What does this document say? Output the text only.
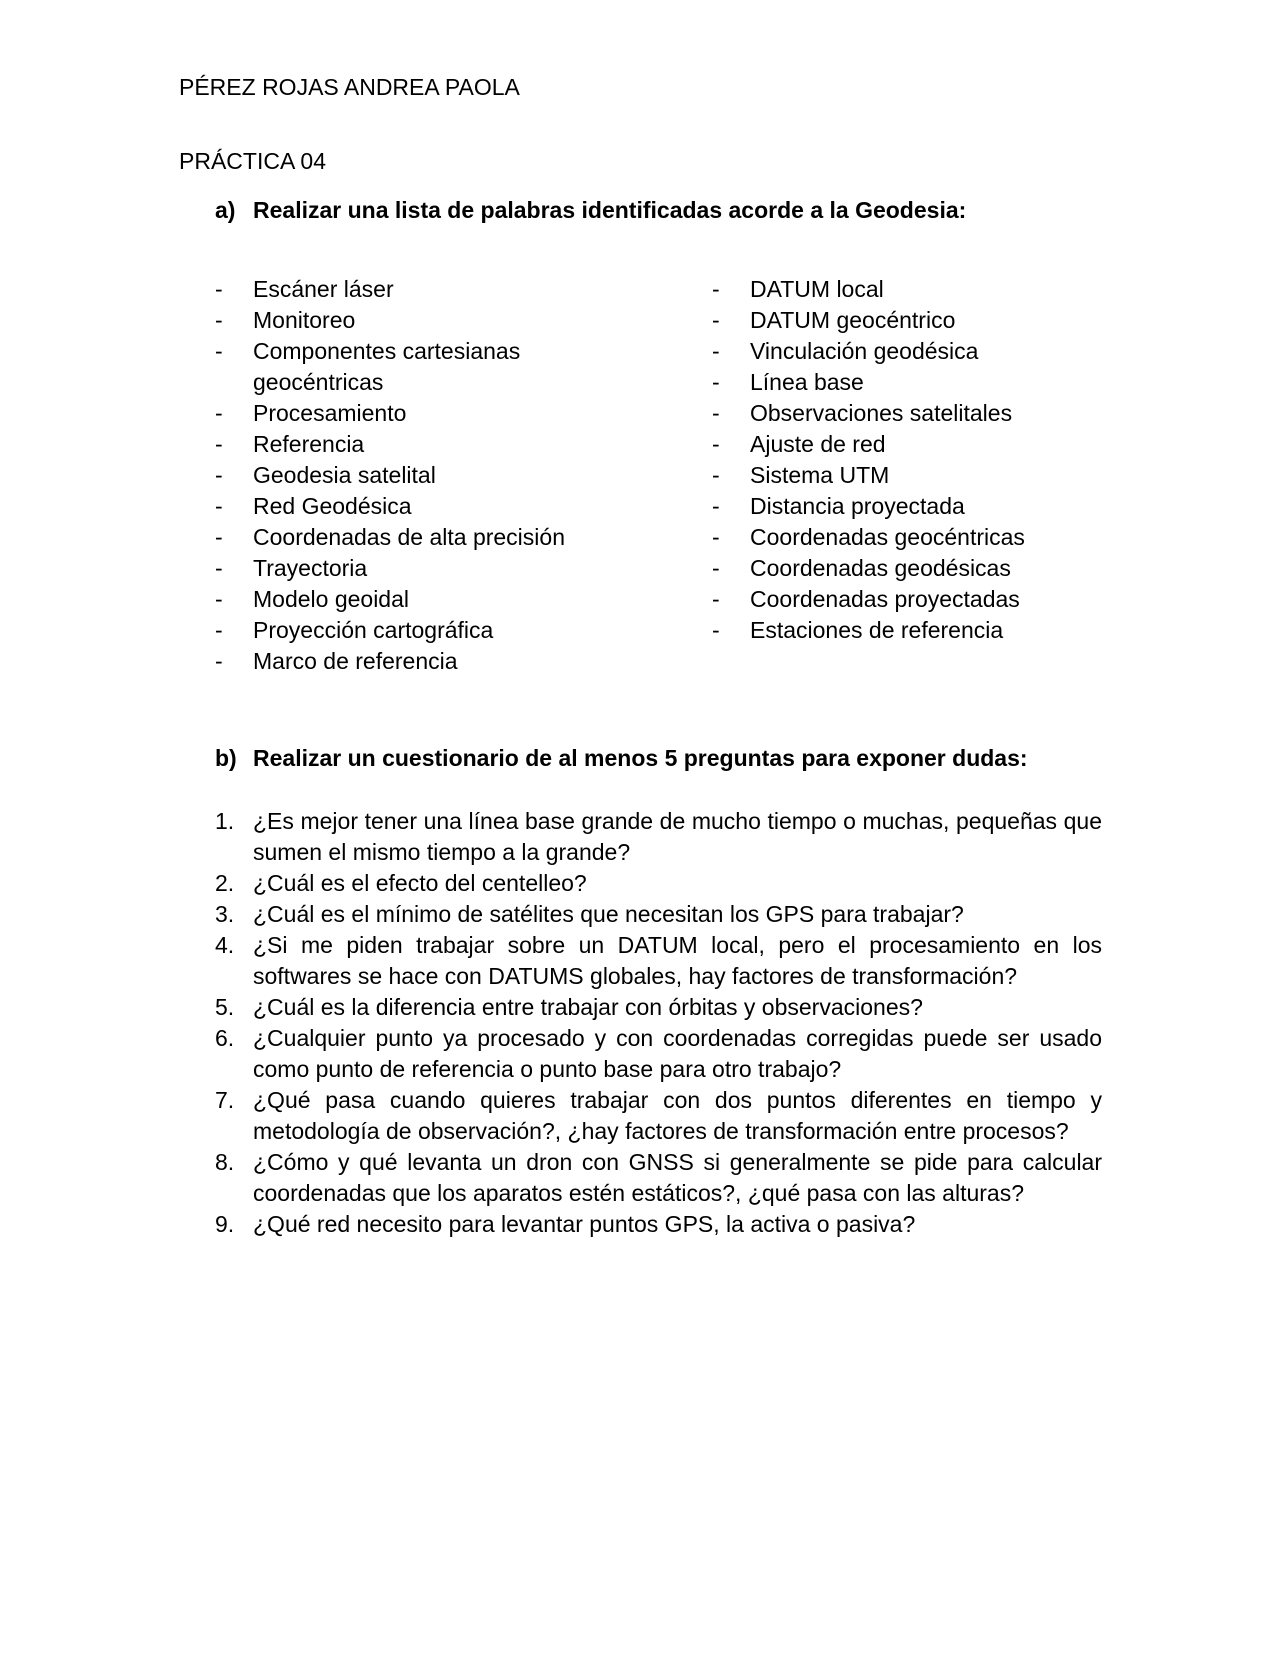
PÉREZ ROJAS ANDREA PAOLA
PRÁCTICA 04
a) Realizar una lista de palabras identificadas acorde a la Geodesia:
- Escáner láser
- Monitoreo
- Componentes cartesianas geocéntricas
- Procesamiento
- Referencia
- Geodesia satelital
- Red Geodésica
- Coordenadas de alta precisión
- Trayectoria
- Modelo geoidal
- Proyección cartográfica
- Marco de referencia
- DATUM local
- DATUM geocéntrico
- Vinculación geodésica
- Línea base
- Observaciones satelitales
- Ajuste de red
- Sistema UTM
- Distancia proyectada
- Coordenadas geocéntricas
- Coordenadas geodésicas
- Coordenadas proyectadas
- Estaciones de referencia
b) Realizar un cuestionario de al menos 5 preguntas para exponer dudas:
1. ¿Es mejor tener una línea base grande de mucho tiempo o muchas, pequeñas que sumen el mismo tiempo a la grande?
2. ¿Cuál es el efecto del centelleo?
3. ¿Cuál es el mínimo de satélites que necesitan los GPS para trabajar?
4. ¿Si me piden trabajar sobre un DATUM local, pero el procesamiento en los softwares se hace con DATUMS globales, hay factores de transformación?
5. ¿Cuál es la diferencia entre trabajar con órbitas y observaciones?
6. ¿Cualquier punto ya procesado y con coordenadas corregidas puede ser usado como punto de referencia o punto base para otro trabajo?
7. ¿Qué pasa cuando quieres trabajar con dos puntos diferentes en tiempo y metodología de observación?, ¿hay factores de transformación entre procesos?
8. ¿Cómo y qué levanta un dron con GNSS si generalmente se pide para calcular coordenadas que los aparatos estén estáticos?, ¿qué pasa con las alturas?
9. ¿Qué red necesito para levantar puntos GPS, la activa o pasiva?
